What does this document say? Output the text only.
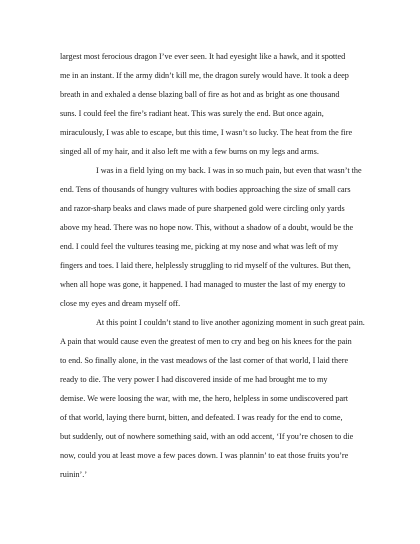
largest most ferocious dragon I’ve ever seen. It had eyesight like a hawk, and it spotted
me in an instant. If the army didn’t kill me, the dragon surely would have. It took a deep
breath in and exhaled a dense blazing ball of fire as hot and as bright as one thousand
suns. I could feel the fire’s radiant heat. This was surely the end. But once again,
miraculously, I was able to escape, but this time, I wasn’t so lucky. The heat from the fire
singed all of my hair, and it also left me with a few burns on my legs and arms.
I was in a field lying on my back. I was in so much pain, but even that wasn’t the
end. Tens of thousands of hungry vultures with bodies approaching the size of small cars
and razor-sharp beaks and claws made of pure sharpened gold were circling only yards
above my head. There was no hope now. This, without a shadow of a doubt, would be the
end. I could feel the vultures teasing me, picking at my nose and what was left of my
fingers and toes. I laid there, helplessly struggling to rid myself of the vultures. But then,
when all hope was gone, it happened. I had managed to muster the last of my energy to
close my eyes and dream myself off.
At this point I couldn’t stand to live another agonizing moment in such great pain.
A pain that would cause even the greatest of men to cry and beg on his knees for the pain
to end. So finally alone, in the vast meadows of the last corner of that world, I laid there
ready to die. The very power I had discovered inside of me had brought me to my
demise. We were loosing the war, with me, the hero, helpless in some undiscovered part
of that world, laying there burnt, bitten, and defeated. I was ready for the end to come,
but suddenly, out of nowhere something said, with an odd accent, ‘If you’re chosen to die
now, could you at least move a few paces down. I was plannin’ to eat those fruits you’re
ruinin’.’
